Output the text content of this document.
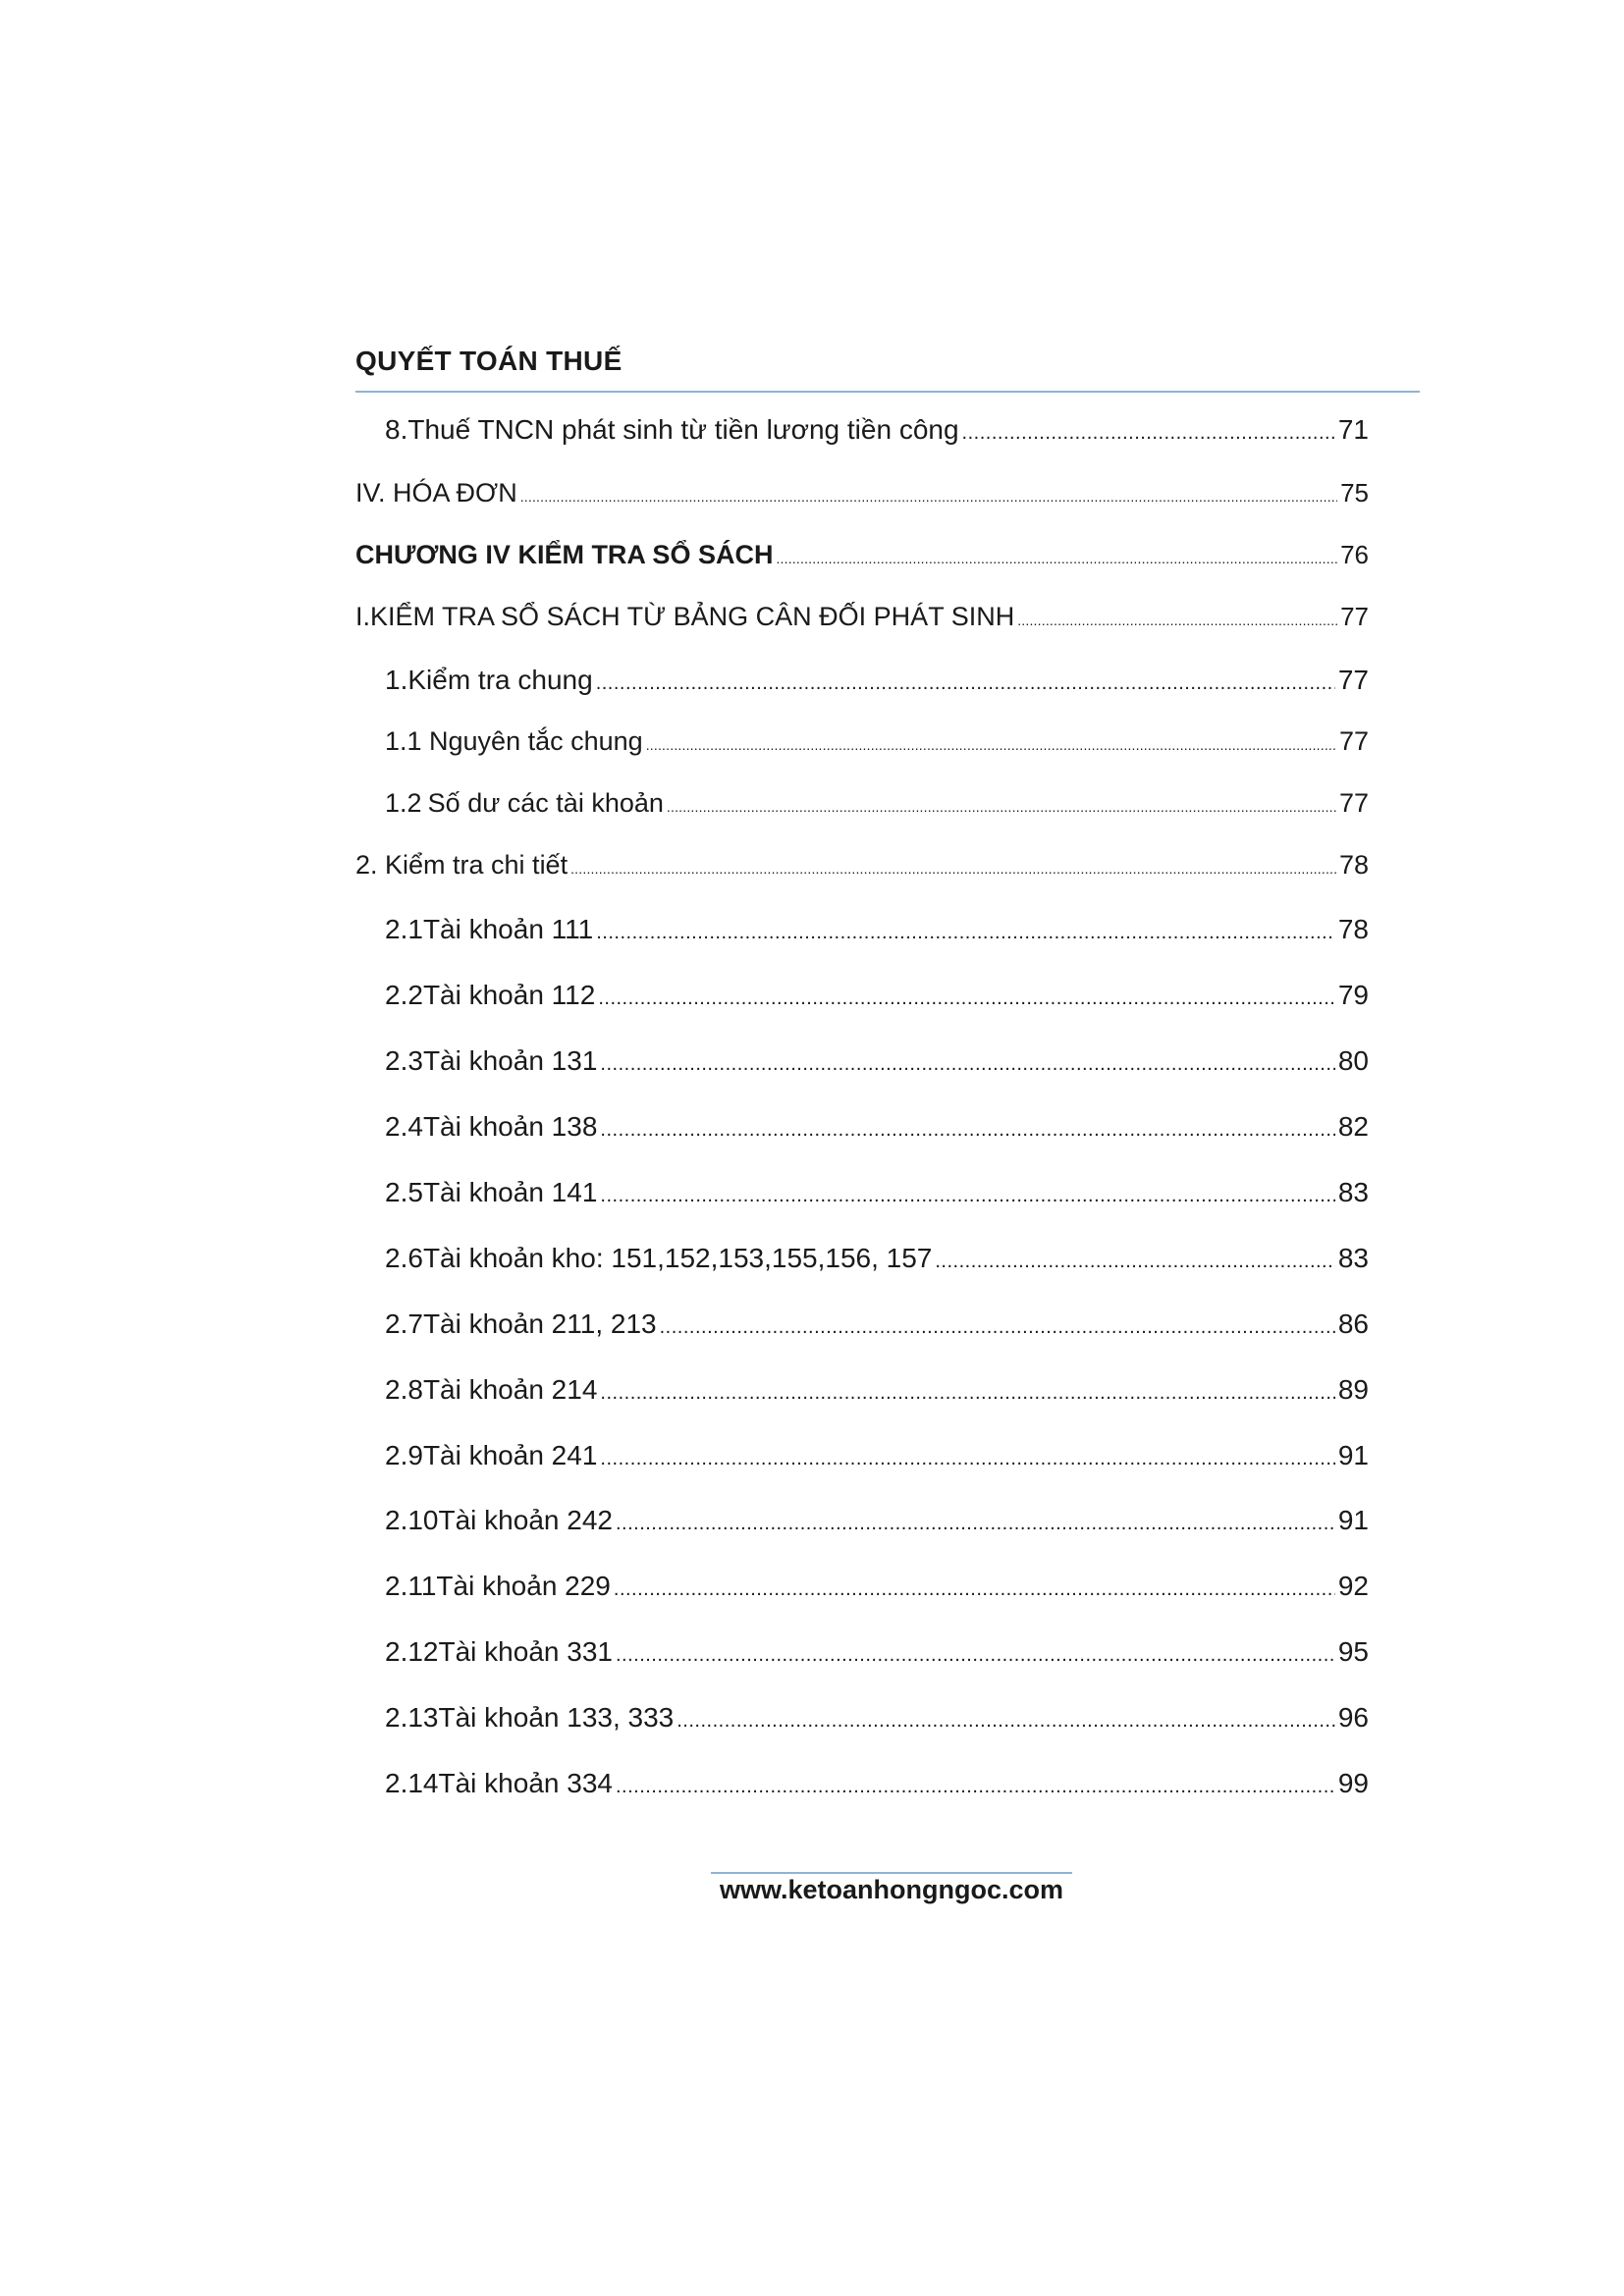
QUYẾT TOÁN THUẾ
8. Thuế TNCN phát sinh từ tiền lương tiền công .....	71
IV. HÓA ĐƠN .....	75
CHƯƠNG IV KIỂM TRA SỔ SÁCH .....	76
I. KIỂM TRA SỔ SÁCH TỪ BẢNG CÂN ĐỐI PHÁT SINH .....	77
1. Kiểm tra chung .....	77
1.1 Nguyên tắc chung .....	77
1.2 Số dư các tài khoản .....	77
2. Kiểm tra chi tiết .....	78
2.1 Tài khoản 111 .....	78
2.2 Tài khoản 112 .....	79
2.3 Tài khoản 131 .....	80
2.4 Tài khoản 138 .....	82
2.5 Tài khoản 141 .....	83
2.6 Tài khoản kho: 151,152,153,155,156, 157 .....	83
2.7 Tài khoản 211, 213 .....	86
2.8 Tài khoản 214 .....	89
2.9 Tài khoản 241 .....	91
2.10 Tài khoản 242 .....	91
2.11 Tài khoản 229 .....	92
2.12 Tài khoản 331 .....	95
2.13 Tài khoản 133, 333 .....	96
2.14 Tài khoản 334 .....	99
www.ketoanhongngoc.com
